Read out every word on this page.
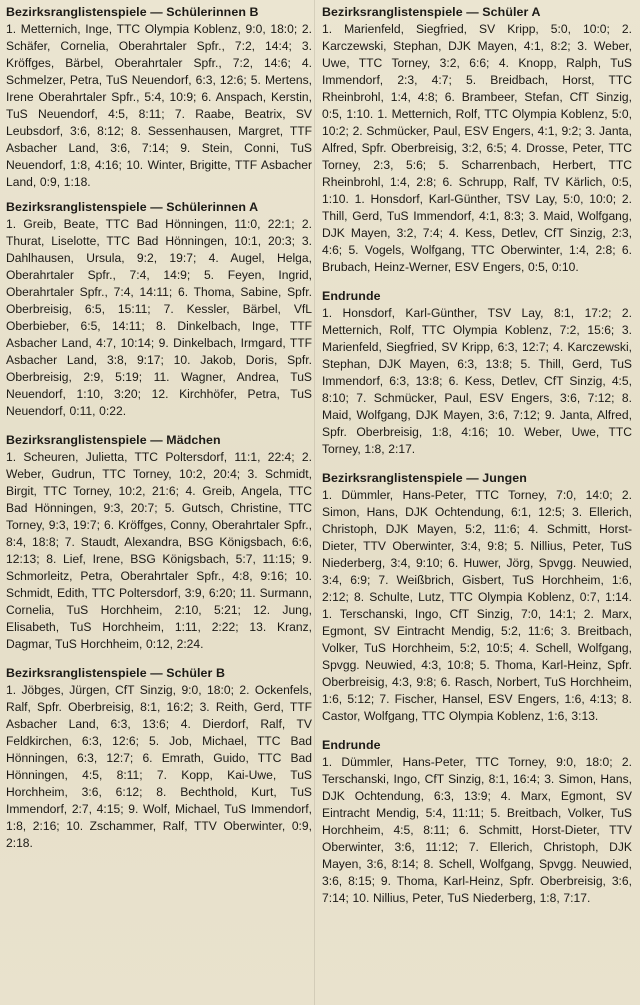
Bezirksranglistenspiele — Schülerinnen B

1. Metternich, Inge, TTC Olympia Koblenz, 9:0, 18:0; 2. Schäfer, Cornelia, Oberahrtaler Spfr., 7:2, 14:4; 3. Kröffges, Bärbel, Oberahrtaler Spfr., 7:2, 14:6; 4. Schmelzer, Petra, TuS Neuendorf, 6:3, 12:6; 5. Mertens, Irene Oberahrtaler Spfr., 5:4, 10:9; 6. Anspach, Kerstin, TuS Neuendorf, 4:5, 8:11; 7. Raabe, Beatrix, SV Leubsdorf, 3:6, 8:12; 8. Sessenhausen, Margret, TTF Asbacher Land, 3:6, 7:14; 9. Stein, Conni, TuS Neuendorf, 1:8, 4:16; 10. Winter, Brigitte, TTF Asbacher Land, 0:9, 1:18.

Bezirksranglistenspiele — Schülerinnen A

1. Greib, Beate, TTC Bad Hönningen, 11:0, 22:1; 2. Thurat, Liselotte, TTC Bad Hönningen, 10:1, 20:3; 3. Dahlhausen, Ursula, 9:2, 19:7; 4. Augel, Helga, Oberahrtaler Spfr., 7:4, 14:9; 5. Feyen, Ingrid, Oberahrtaler Spfr., 7:4, 14:11; 6. Thoma, Sabine, Spfr. Oberbreisig, 6:5, 15:11; 7. Kessler, Bärbel, VfL Oberbieber, 6:5, 14:11; 8. Dinkelbach, Inge, TTF Asbacher Land, 4:7, 10:14; 9. Dinkelbach, Irmgard, TTF Asbacher Land, 3:8, 9:17; 10. Jakob, Doris, Spfr. Oberbreisig, 2:9, 5:19; 11. Wagner, Andrea, TuS Neuendorf, 1:10, 3:20; 12. Kirchhöfer, Petra, TuS Neuendorf, 0:11, 0:22.

Bezirksranglistenspiele — Mädchen

1. Scheuren, Julietta, TTC Poltersdorf, 11:1, 22:4; 2. Weber, Gudrun, TTC Torney, 10:2, 20:4; 3. Schmidt, Birgit, TTC Torney, 10:2, 21:6; 4. Greib, Angela, TTC Bad Hönningen, 9:3, 20:7; 5. Gutsch, Christine, TTC Torney, 9:3, 19:7; 6. Kröffges, Conny, Oberahrtaler Spfr., 8:4, 18:8; 7. Staudt, Alexandra, BSG Königsbach, 6:6, 12:13; 8. Lief, Irene, BSG Königsbach, 5:7, 11:15; 9. Schmorleitz, Petra, Oberahrtaler Spfr., 4:8, 9:16; 10. Schmidt, Edith, TTC Poltersdorf, 3:9, 6:20; 11. Surmann, Cornelia, TuS Horchheim, 2:10, 5:21; 12. Jung, Elisabeth, TuS Horchheim, 1:11, 2:22; 13. Kranz, Dagmar, TuS Horchheim, 0:12, 2:24.

Bezirksranglistenspiele — Schüler B

1. Jöbges, Jürgen, CfT Sinzig, 9:0, 18:0; 2. Ockenfels, Ralf, Spfr. Oberbreisig, 8:1, 16:2; 3. Reith, Gerd, TTF Asbacher Land, 6:3, 13:6; 4. Dierdorf, Ralf, TV Feldkirchen, 6:3, 12:6; 5. Job, Michael, TTC Bad Hönningen, 6:3, 12:7; 6. Emrath, Guido, TTC Bad Hönningen, 4:5, 8:11; 7. Kopp, Kai-Uwe, TuS Horchheim, 3:6, 6:12; 8. Bechthold, Kurt, TuS Immendorf, 2:7, 4:15; 9. Wolf, Michael, TuS Immendorf, 1:8, 2:16; 10. Zschammer, Ralf, TTV Oberwinter, 0:9, 2:18.

Bezirksranglistenspiele — Schüler A

1. Marienfeld, Siegfried, SV Kripp, 5:0, 10:0; 2. Karczewski, Stephan, DJK Mayen, 4:1, 8:2; 3. Weber, Uwe, TTC Torney, 3:2, 6:6; 4. Knopp, Ralph, TuS Immendorf, 2:3, 4:7; 5. Breidbach, Horst, TTC Rheinbrohl, 1:4, 4:8; 6. Brambeer, Stefan, CfT Sinzig, 0:5, 1:10. 1. Metternich, Rolf, TTC Olympia Koblenz, 5:0, 10:2; 2. Schmücker, Paul, ESV Engers, 4:1, 9:2; 3. Janta, Alfred, Spfr. Oberbreisig, 3:2, 6:5; 4. Drosse, Peter, TTC Torney, 2:3, 5:6; 5. Scharrenbach, Herbert, TTC Rheinbrohl, 1:4, 2:8; 6. Schrupp, Ralf, TV Kärlich, 0:5, 1:10. 1. Honsdorf, Karl-Günther, TSV Lay, 5:0, 10:0; 2. Thill, Gerd, TuS Immendorf, 4:1, 8:3; 3. Maid, Wolfgang, DJK Mayen, 3:2, 7:4; 4. Kess, Detlev, CfT Sinzig, 2:3, 4:6; 5. Vogels, Wolfgang, TTC Oberwinter, 1:4, 2:8; 6. Brubach, Heinz-Werner, ESV Engers, 0:5, 0:10.

Endrunde

1. Honsdorf, Karl-Günther, TSV Lay, 8:1, 17:2; 2. Metternich, Rolf, TTC Olympia Koblenz, 7:2, 15:6; 3. Marienfeld, Siegfried, SV Kripp, 6:3, 12:7; 4. Karczewski, Stephan, DJK Mayen, 6:3, 13:8; 5. Thill, Gerd, TuS Immendorf, 6:3, 13:8; 6. Kess, Detlev, CfT Sinzig, 4:5, 8:10; 7. Schmücker, Paul, ESV Engers, 3:6, 7:12; 8. Maid, Wolfgang, DJK Mayen, 3:6, 7:12; 9. Janta, Alfred, Spfr. Oberbreisig, 1:8, 4:16; 10. Weber, Uwe, TTC Torney, 1:8, 2:17.

Bezirksranglistenspiele — Jungen

1. Dümmler, Hans-Peter, TTC Torney, 7:0, 14:0; 2. Simon, Hans, DJK Ochtendung, 6:1, 12:5; 3. Ellerich, Christoph, DJK Mayen, 5:2, 11:6; 4. Schmitt, Horst-Dieter, TTV Oberwinter, 3:4, 9:8; 5. Nillius, Peter, TuS Niederberg, 3:4, 9:10; 6. Huwer, Jörg, Spvgg. Neuwied, 3:4, 6:9; 7. Weißbrich, Gisbert, TuS Horchheim, 1:6, 2:12; 8. Schulte, Lutz, TTC Olympia Koblenz, 0:7, 1:14. 1. Terschanski, Ingo, CfT Sinzig, 7:0, 14:1; 2. Marx, Egmont, SV Eintracht Mendig, 5:2, 11:6; 3. Breitbach, Volker, TuS Horchheim, 5:2, 10:5; 4. Schell, Wolfgang, Spvgg. Neuwied, 4:3, 10:8; 5. Thoma, Karl-Heinz, Spfr. Oberbreisig, 4:3, 9:8; 6. Rasch, Norbert, TuS Horchheim, 1:6, 5:12; 7. Fischer, Hansel, ESV Engers, 1:6, 4:13; 8. Castor, Wolfgang, TTC Olympia Koblenz, 1:6, 3:13.

Endrunde

1. Dümmler, Hans-Peter, TTC Torney, 9:0, 18:0; 2. Terschanski, Ingo, CfT Sinzig, 8:1, 16:4; 3. Simon, Hans, DJK Ochtendung, 6:3, 13:9; 4. Marx, Egmont, SV Eintracht Mendig, 5:4, 11:11; 5. Breitbach, Volker, TuS Horchheim, 4:5, 8:11; 6. Schmitt, Horst-Dieter, TTV Oberwinter, 3:6, 11:12; 7. Ellerich, Christoph, DJK Mayen, 3:6, 8:14; 8. Schell, Wolfgang, Spvgg. Neuwied, 3:6, 8:15; 9. Thoma, Karl-Heinz, Spfr. Oberbreisig, 3:6, 7:14; 10. Nillius, Peter, TuS Niederberg, 1:8, 7:17.
